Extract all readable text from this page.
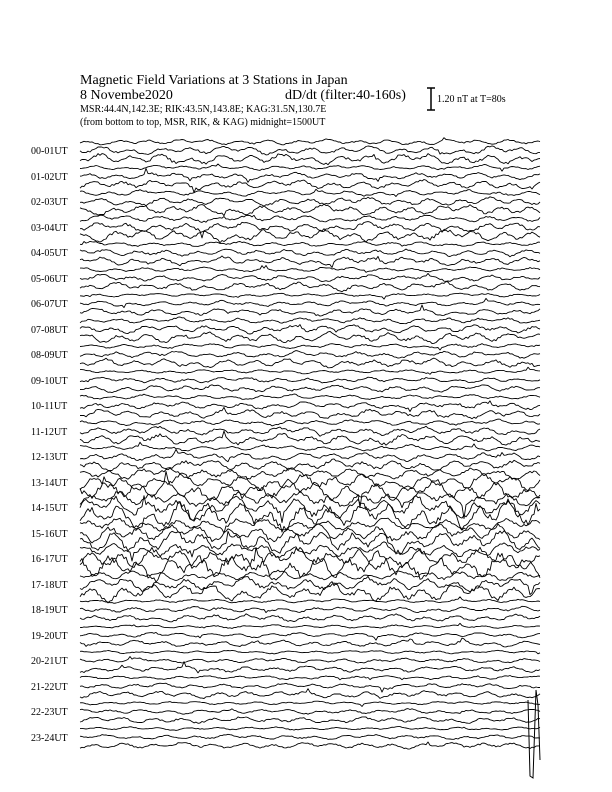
Magnetic Field Variations at 3 Stations in Japan
8 Novembe2020	dD/dt (filter:40-160s)
MSR:44.4N,142.3E; RIK:43.5N,143.8E; KAG:31.5N,130.7E
(from bottom to top, MSR, RIK, & KAG) midnight=1500UT
1.20 nT at T=80s
00-01UT
01-02UT
02-03UT
03-04UT
04-05UT
05-06UT
06-07UT
07-08UT
08-09UT
09-10UT
10-11UT
11-12UT
12-13UT
13-14UT
14-15UT
15-16UT
16-17UT
17-18UT
18-19UT
19-20UT
20-21UT
21-22UT
22-23UT
23-24UT
